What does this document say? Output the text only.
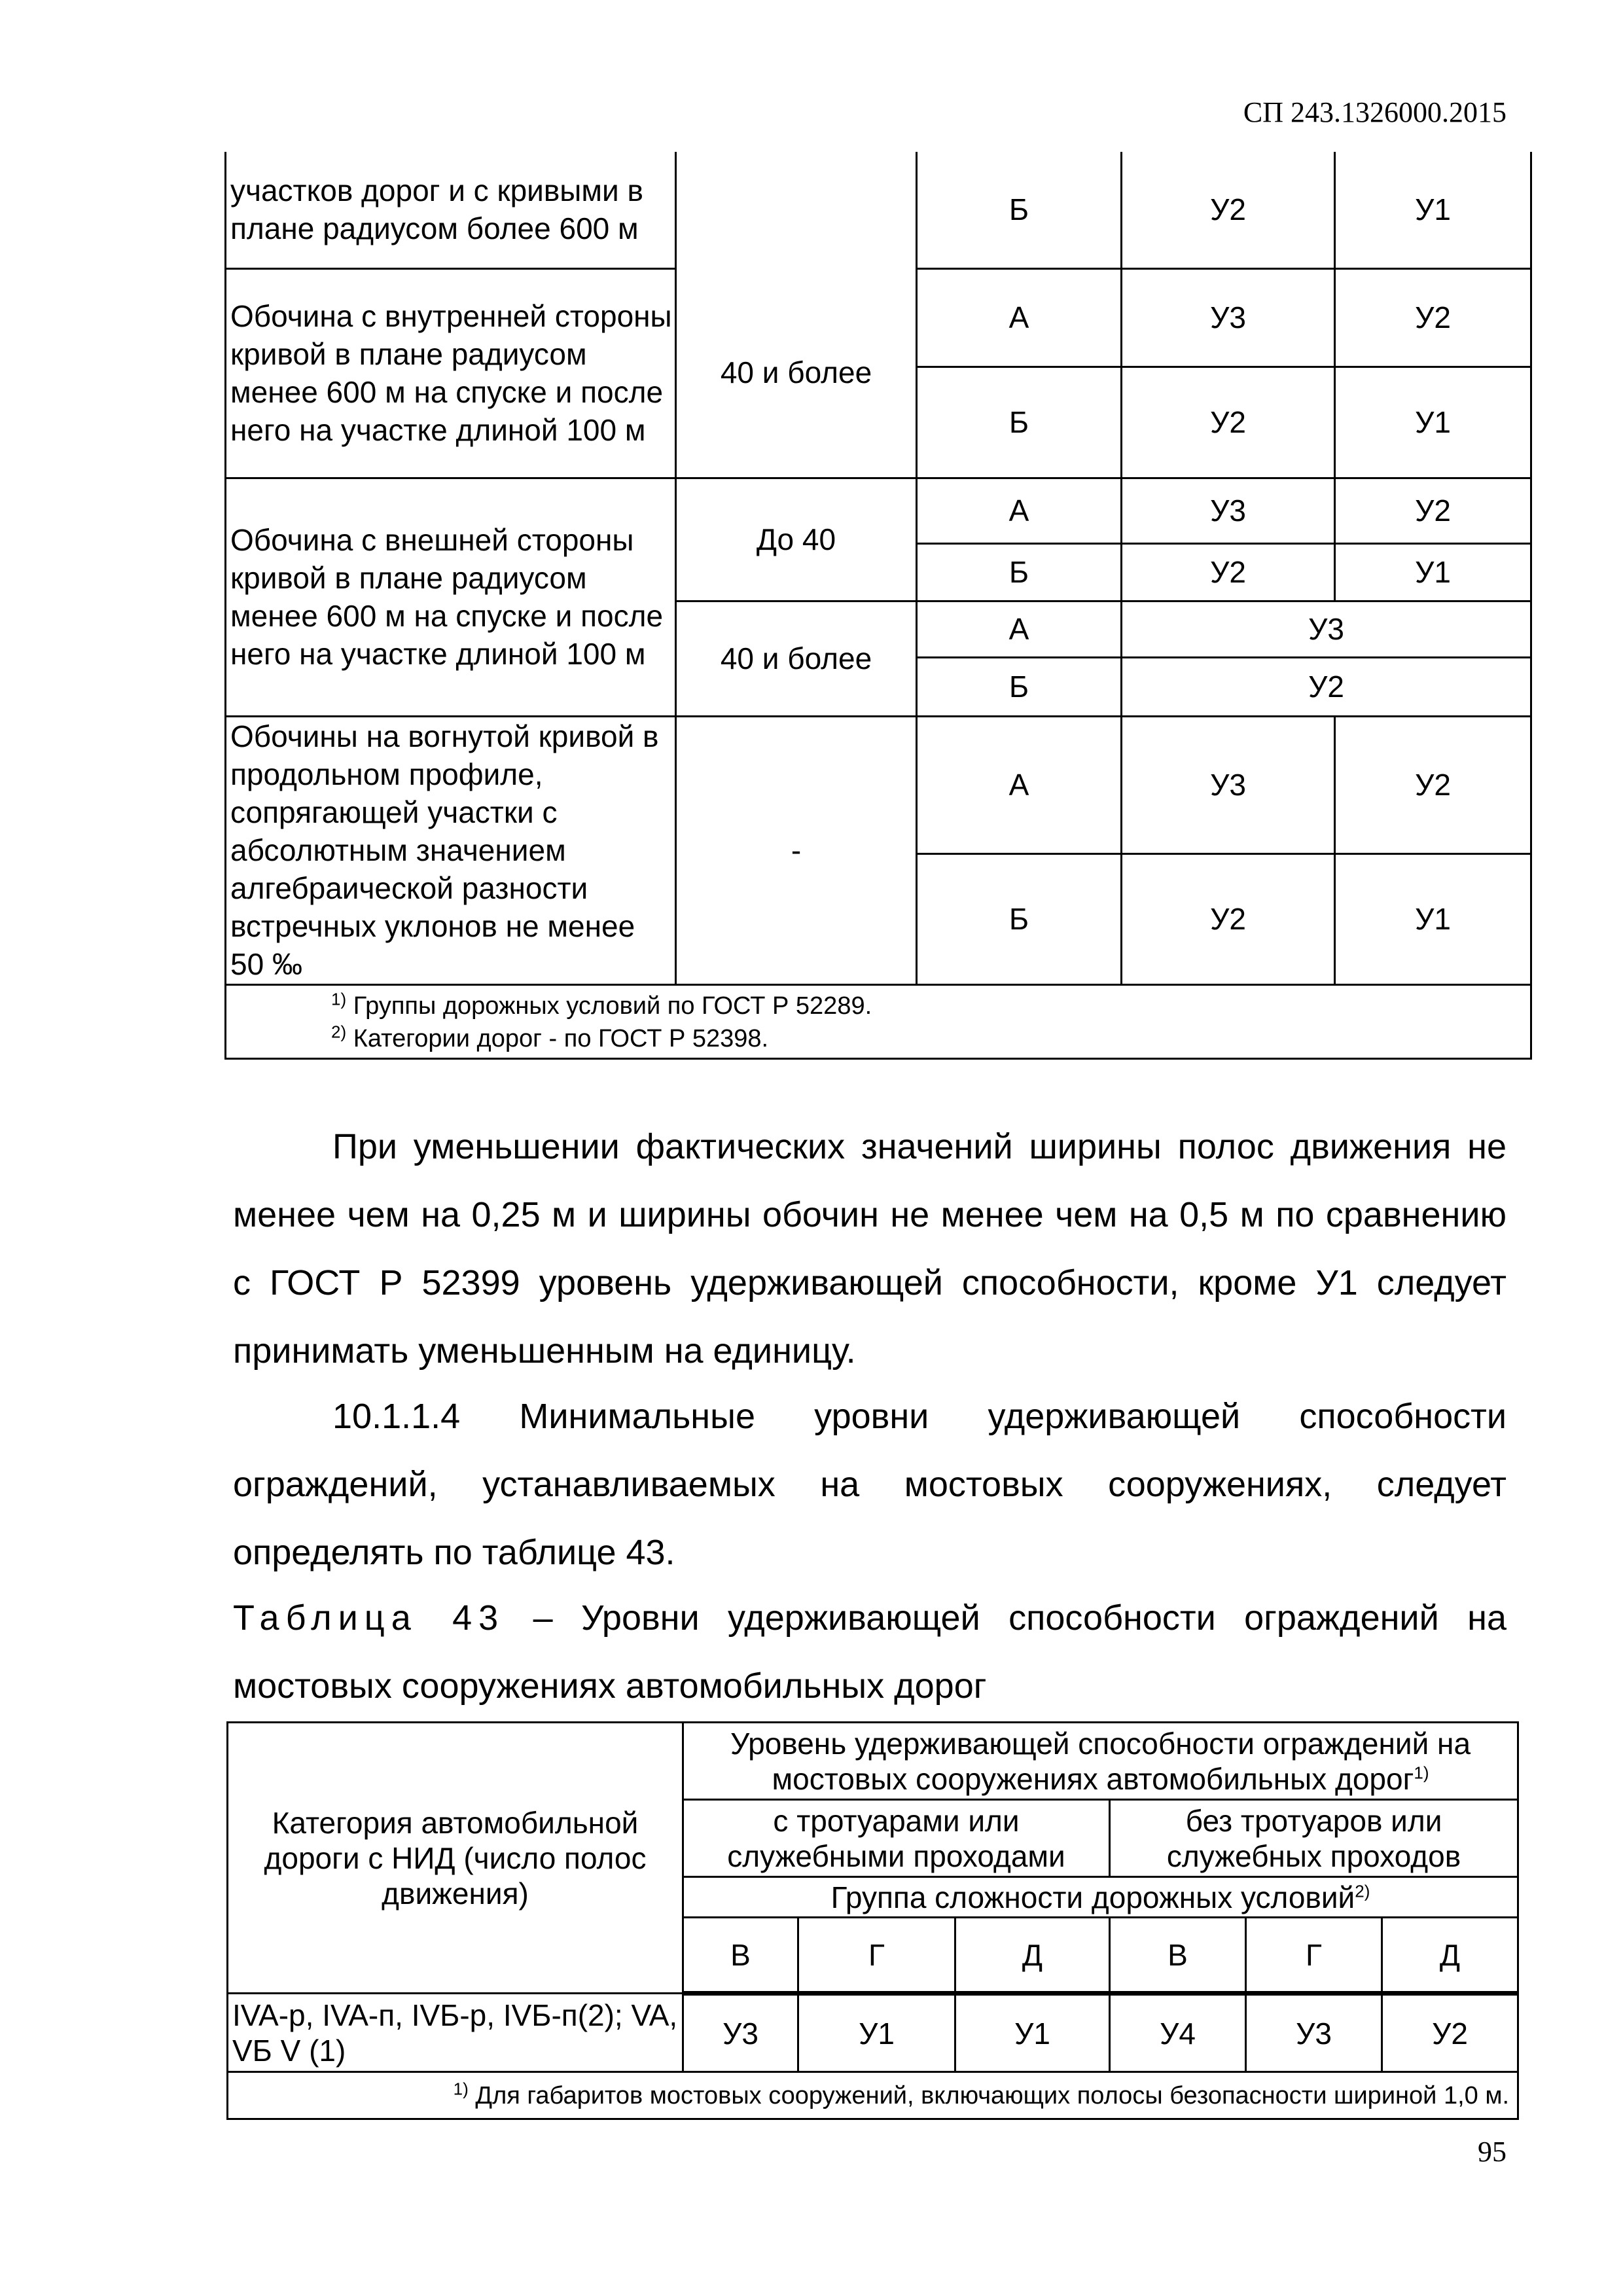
СП 243.1326000.2015
участков дорог и с кривыми в плане радиусом более 600 м		Б	У2	У1
Обочина с внутренней стороны кривой в плане радиусом менее 600 м на спуске и после него на участке длиной 100 м	40 и более	А	У3	У2
		Б	У2	У1
Обочина с внешней стороны кривой в плане радиусом менее 600 м на спуске и после него на участке длиной 100 м	До 40	А	У3	У2
		Б	У2	У1
	40 и более	А	У3	
		Б	У2	
Обочины на вогнутой кривой в продольном профиле, сопрягающей участки с абсолютным значением алгебраической разности встречных уклонов не менее 50 ‰	-	А	У3	У2
		Б	У2	У1

$^{1)}$ Группы дорожных условий по ГОСТ Р 52289.
$^{2)}$ Категории дорог - по ГОСТ Р 52398.				
При уменьшении фактических значений ширины полос движения не менее чем на 0,25 м и ширины обочин не менее чем на 0,5 м по сравнению с ГОСТ Р 52399 уровень удерживающей способности, кроме У1 следует принимать уменьшенным на единицу.
10.1.1.4 Минимальные уровни удерживающей способности ограждений, устанавливаемых на мостовых сооружениях, следует определять по таблице 43.
Таблица 43 – Уровни удерживающей способности ограждений на мостовых сооружениях автомобильных дорог
Категория автомобильной дороги с НИД (число полос движения)	Уровень удерживающей способности ограждений на мостовых сооружениях автомобильных дорог$^{1)}$
	с тротуарами или служебными проходами			без тротуаров или служебных проходов		
	Группа сложности дорожных условий$^{2)}$
	В	Г	Д	В	Г	Д
IVA-р, IVA-п, IVБ-р, IVБ-п(2); VA, VБ V (1)	У3	У1	У1	У4	У3	У2
$^{1)}$ Для габаритов мостовых сооружений, включающих полосы безопасности шириной 1,0 м.						
95
